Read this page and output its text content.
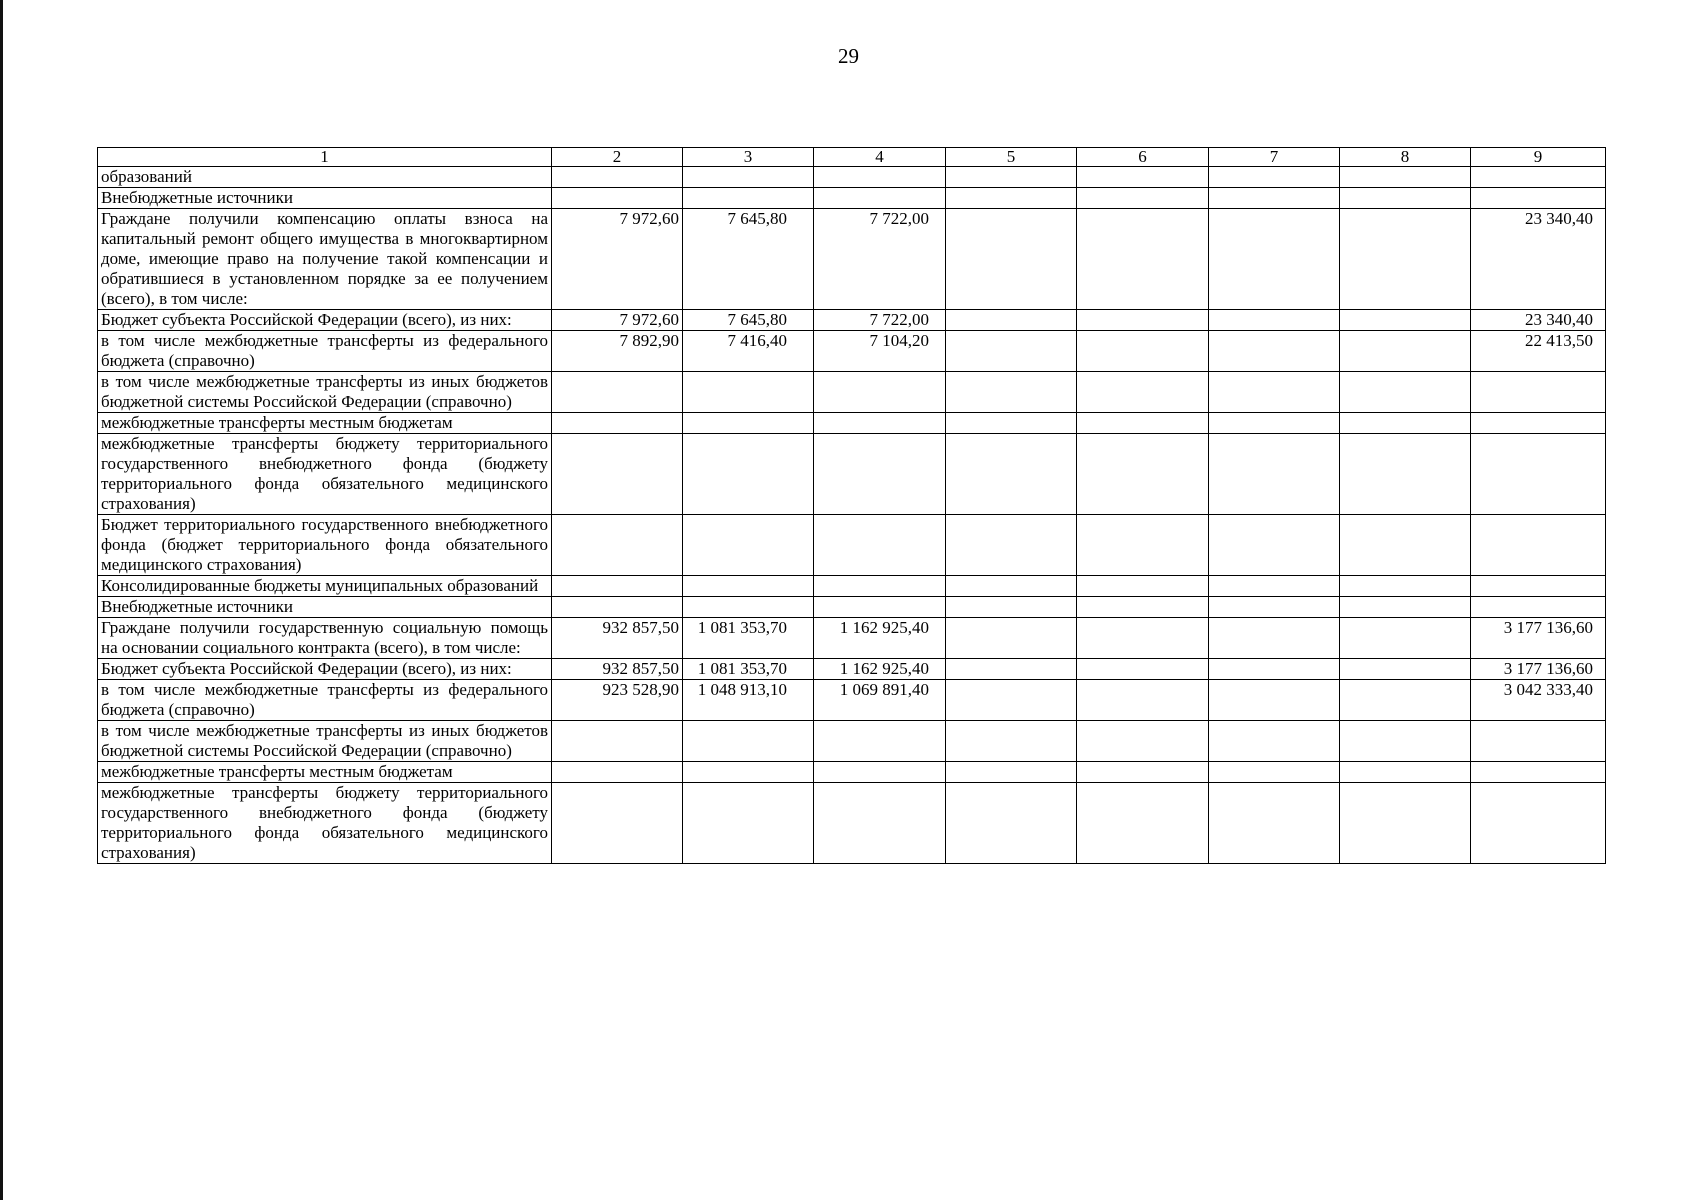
29
1	2	3	4	5	6	7	8	9
образований								
Внебюджетные источники								
Граждане получили компенсацию оплаты взноса на капитальный ремонт общего имущества в многоквартирном доме, имеющие право на получение такой компенсации и обратившиеся в установленном порядке за ее получением (всего), в том числе:	7 972,60	7 645,80	7 722,00					23 340,40
Бюджет субъекта Российской Федерации (всего), из них:	7 972,60	7 645,80	7 722,00					23 340,40
в том числе межбюджетные трансферты из федерального бюджета (справочно)	7 892,90	7 416,40	7 104,20					22 413,50
в том числе межбюджетные трансферты из иных бюджетов бюджетной системы Российской Федерации (справочно)								
межбюджетные трансферты местным бюджетам								
межбюджетные трансферты бюджету территориального государственного внебюджетного фонда (бюджету территориального фонда обязательного медицинского страхования)								
Бюджет территориального государственного внебюджетного фонда (бюджет территориального фонда обязательного медицинского страхования)								
Консолидированные бюджеты муниципальных образований								
Внебюджетные источники								
Граждане получили государственную социальную помощь на основании социального контракта (всего), в том числе:	932 857,50	1 081 353,70	1 162 925,40					3 177 136,60
Бюджет субъекта Российской Федерации (всего), из них:	932 857,50	1 081 353,70	1 162 925,40					3 177 136,60
в том числе межбюджетные трансферты из федерального бюджета (справочно)	923 528,90	1 048 913,10	1 069 891,40					3 042 333,40
в том числе межбюджетные трансферты из иных бюджетов бюджетной системы Российской Федерации (справочно)								
межбюджетные трансферты местным бюджетам								
межбюджетные трансферты бюджету территориального государственного внебюджетного фонда (бюджету территориального фонда обязательного медицинского страхования)								
